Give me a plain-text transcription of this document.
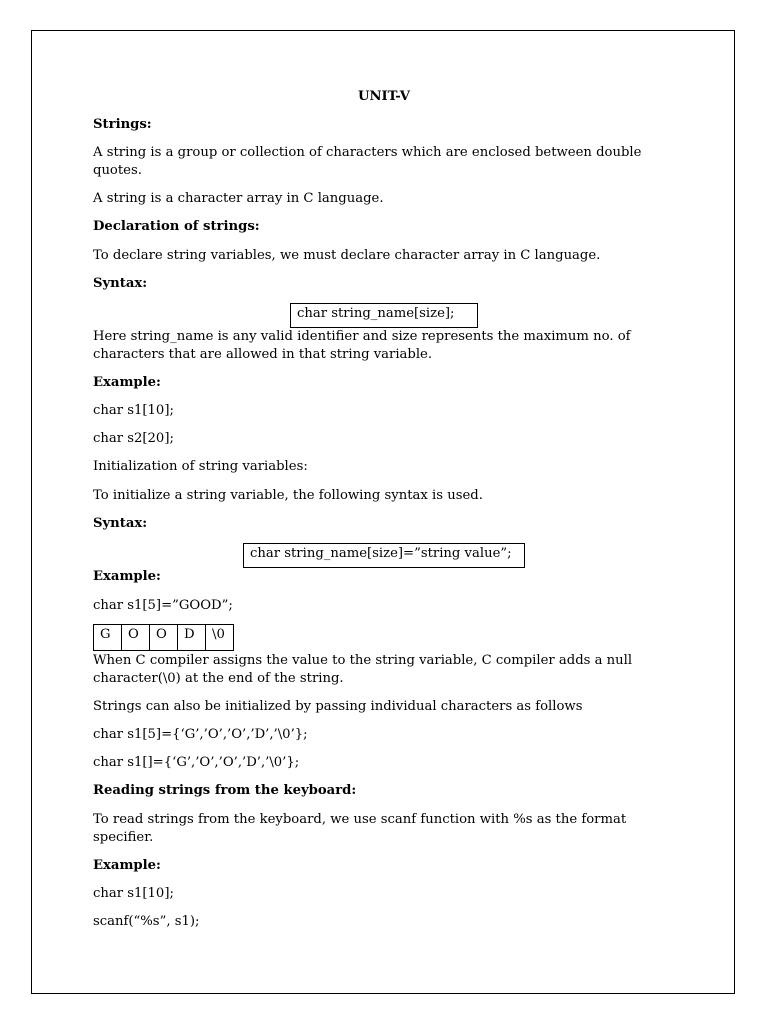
UNIT-V
Strings:
A string is a group or collection of characters which are enclosed between double
quotes.
A string is a character array in C language.
Declaration of strings:
To declare string variables, we must declare character array in C language.
Syntax:
char string_name[size];
Here string_name is any valid identifier and size represents the maximum no. of
characters that are allowed in that string variable.
Example:
char s1[10];
char s2[20];
Initialization of string variables:
To initialize a string variable, the following syntax is used.
Syntax:
char string_name[size]=”string value”;
Example:
char s1[5]=”GOOD”;
G	O	O	D	\0
When C compiler assigns the value to the string variable, C compiler adds a null
character(\0) at the end of the string.
Strings can also be initialized by passing individual characters as follows
char s1[5]={‘G’,’O’,’O’,’D’,’\0’};
char s1[]={‘G’,’O’,’O’,’D’,’\0’};
Reading strings from the keyboard:
To read strings from the keyboard, we use scanf function with %s as the format
specifier.
Example:
char s1[10];
scanf(“%s”, s1);
